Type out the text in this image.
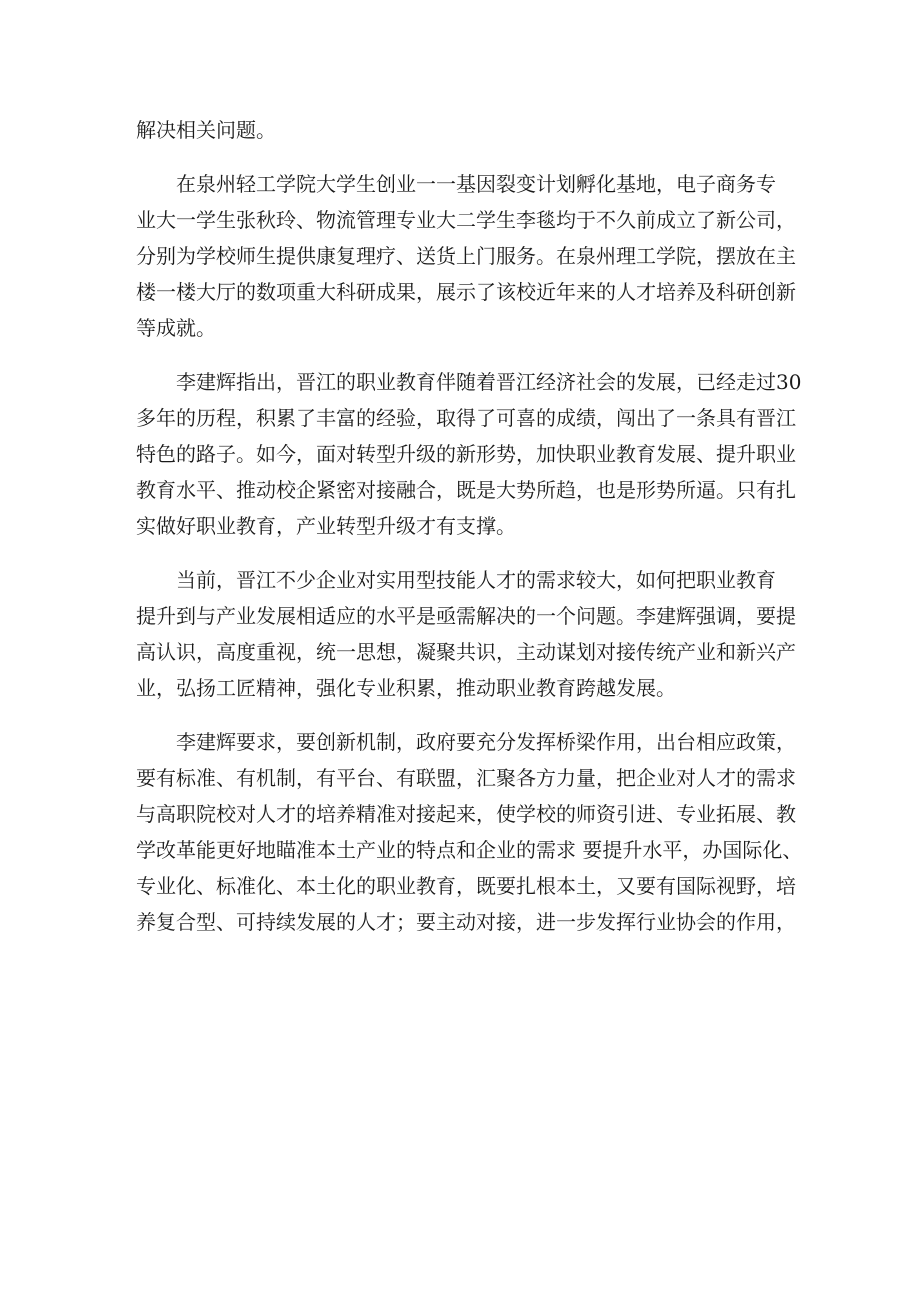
解决相关问题。
在泉州轻工学院大学生创业一一基因裂变计划孵化基地，电子商务专
业大一学生张秋玲、物流管理专业大二学生李毯均于不久前成立了新公司，
分别为学校师生提供康复理疗、送货上门服务。在泉州理工学院，摆放在主
楼一楼大厅的数项重大科研成果，展示了该校近年来的人才培养及科研创新
等成就。
李建辉指出，晋江的职业教育伴随着晋江经济社会的发展，已经走过30
多年的历程，积累了丰富的经验，取得了可喜的成绩，闯出了一条具有晋江
特色的路子。如今，面对转型升级的新形势，加快职业教育发展、提升职业
教育水平、推动校企紧密对接融合，既是大势所趋，也是形势所逼。只有扎
实做好职业教育，产业转型升级才有支撑。
当前，晋江不少企业对实用型技能人才的需求较大，如何把职业教育
提升到与产业发展相适应的水平是亟需解决的一个问题。李建辉强调，要提
高认识，高度重视，统一思想，凝聚共识，主动谋划对接传统产业和新兴产
业，弘扬工匠精神，强化专业积累，推动职业教育跨越发展。
李建辉要求，要创新机制，政府要充分发挥桥梁作用，出台相应政策，
要有标准、有机制，有平台、有联盟，汇聚各方力量，把企业对人才的需求
与高职院校对人才的培养精准对接起来，使学校的师资引进、专业拓展、教
学改革能更好地瞄准本土产业的特点和企业的需求 要提升水平，办国际化、
专业化、标准化、本土化的职业教育，既要扎根本土，又要有国际视野，培
养复合型、可持续发展的人才；要主动对接，进一步发挥行业协会的作用，
